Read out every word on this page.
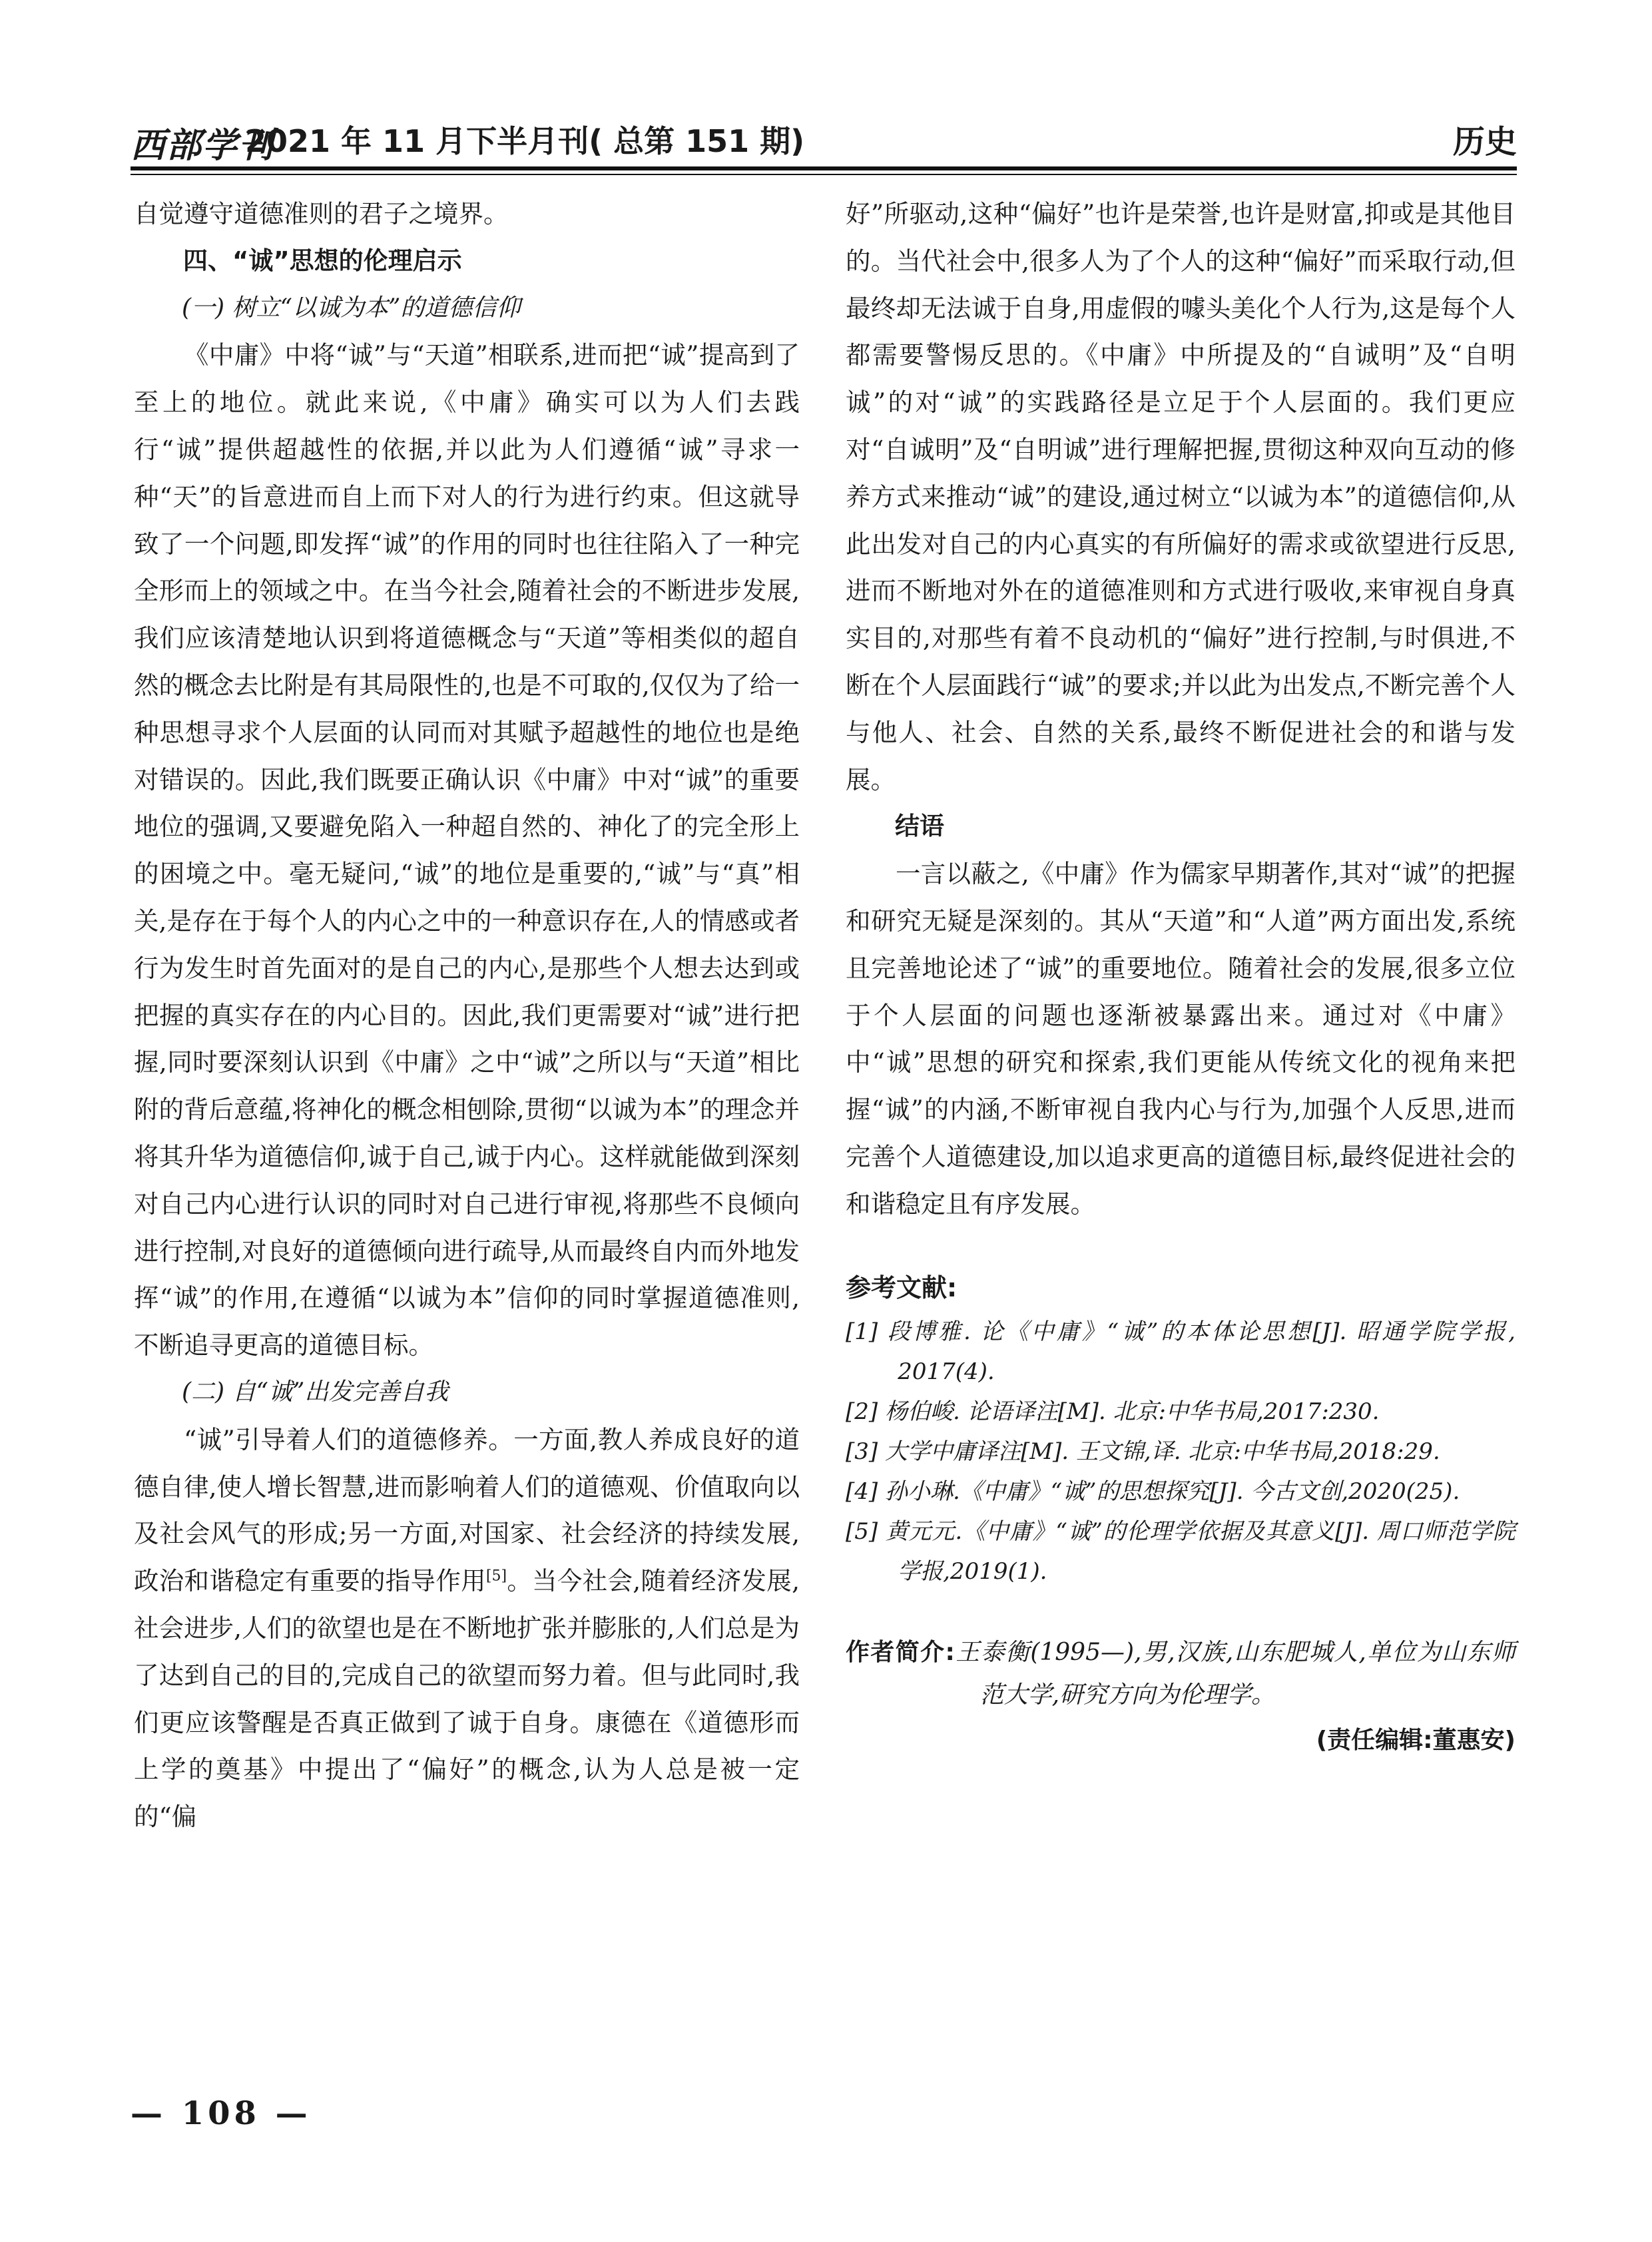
西部学刊
2021 年 11 月下半月刊( 总第 151 期)	历史

自觉遵守道德准则的君子之境界。

四、“诚”思想的伦理启示
(一) 树立“以诚为本”的道德信仰

《中庸》中将“诚”与“天道”相联系,进而把“诚”提高到了至上的地位。就此来说,《中庸》确实可以为人们去践行“诚”提供超越性的依据,并以此为人们遵循“诚”寻求一种“天”的旨意进而自上而下对人的行为进行约束。但这就导致了一个问题,即发挥“诚”的作用的同时也往往陷入了一种完全形而上的领域之中。在当今社会,随着社会的不断进步发展,我们应该清楚地认识到将道德概念与“天道”等相类似的超自然的概念去比附是有其局限性的,也是不可取的,仅仅为了给一种思想寻求个人层面的认同而对其赋予超越性的地位也是绝对错误的。因此,我们既要正确认识《中庸》中对“诚”的重要地位的强调,又要避免陷入一种超自然的、神化了的完全形上的困境之中。毫无疑问,“诚”的地位是重要的,“诚”与“真”相关,是存在于每个人的内心之中的一种意识存在,人的情感或者行为发生时首先面对的是自己的内心,是那些个人想去达到或把握的真实存在的内心目的。因此,我们更需要对“诚”进行把握,同时要深刻认识到《中庸》之中“诚”之所以与“天道”相比附的背后意蕴,将神化的概念相刨除,贯彻“以诚为本”的理念并将其升华为道德信仰,诚于自己,诚于内心。这样就能做到深刻对自己内心进行认识的同时对自己进行审视,将那些不良倾向进行控制,对良好的道德倾向进行疏导,从而最终自内而外地发挥“诚”的作用,在遵循“以诚为本”信仰的同时掌握道德准则,不断追寻更高的道德目标。

(二) 自“诚”出发完善自我

“诚”引导着人们的道德修养。一方面,教人养成良好的道德自律,使人增长智慧,进而影响着人们的道德观、价值取向以及社会风气的形成;另一方面,对国家、社会经济的持续发展,政治和谐稳定有重要的指导作用[5]。当今社会,随着经济发展,社会进步,人们的欲望也是在不断地扩张并膨胀的,人们总是为了达到自己的目的,完成自己的欲望而努力着。但与此同时,我们更应该警醒是否真正做到了诚于自身。康德在《道德形而上学的奠基》中提出了“偏好”的概念,认为人总是被一定的“偏

好”所驱动,这种“偏好”也许是荣誉,也许是财富,抑或是其他目的。当代社会中,很多人为了个人的这种“偏好”而采取行动,但最终却无法诚于自身,用虚假的噱头美化个人行为,这是每个人都需要警惕反思的。《中庸》中所提及的“自诚明”及“自明诚”的对“诚”的实践路径是立足于个人层面的。我们更应对“自诚明”及“自明诚”进行理解把握,贯彻这种双向互动的修养方式来推动“诚”的建设,通过树立“以诚为本”的道德信仰,从此出发对自己的内心真实的有所偏好的需求或欲望进行反思,进而不断地对外在的道德准则和方式进行吸收,来审视自身真实目的,对那些有着不良动机的“偏好”进行控制,与时俱进,不断在个人层面践行“诚”的要求;并以此为出发点,不断完善个人与他人、社会、自然的关系,最终不断促进社会的和谐与发展。

结语

一言以蔽之,《中庸》作为儒家早期著作,其对“诚”的把握和研究无疑是深刻的。其从“天道”和“人道”两方面出发,系统且完善地论述了“诚”的重要地位。随着社会的发展,很多立位于个人层面的问题也逐渐被暴露出来。通过对《中庸》中“诚”思想的研究和探索,我们更能从传统文化的视角来把握“诚”的内涵,不断审视自我内心与行为,加强个人反思,进而完善个人道德建设,加以追求更高的道德目标,最终促进社会的和谐稳定且有序发展。

参考文献:
[1] 段博雅. 论《中庸》“诚”的本体论思想[J]. 昭通学院学报, 2017(4).
[2] 杨伯峻. 论语译注[M]. 北京:中华书局,2017:230.
[3] 大学中庸译注[M]. 王文锦,译. 北京:中华书局,2018:29.
[4] 孙小琳.《中庸》“诚”的思想探究[J]. 今古文创,2020(25).
[5] 黄元元.《中庸》“诚”的伦理学依据及其意义[J]. 周口师范学院学报,2019(1).
作者简介:王泰衡(1995—),男,汉族,山东肥城人,单位为山东师范大学,研究方向为伦理学。
(责任编辑:董惠安)
— 108 —
